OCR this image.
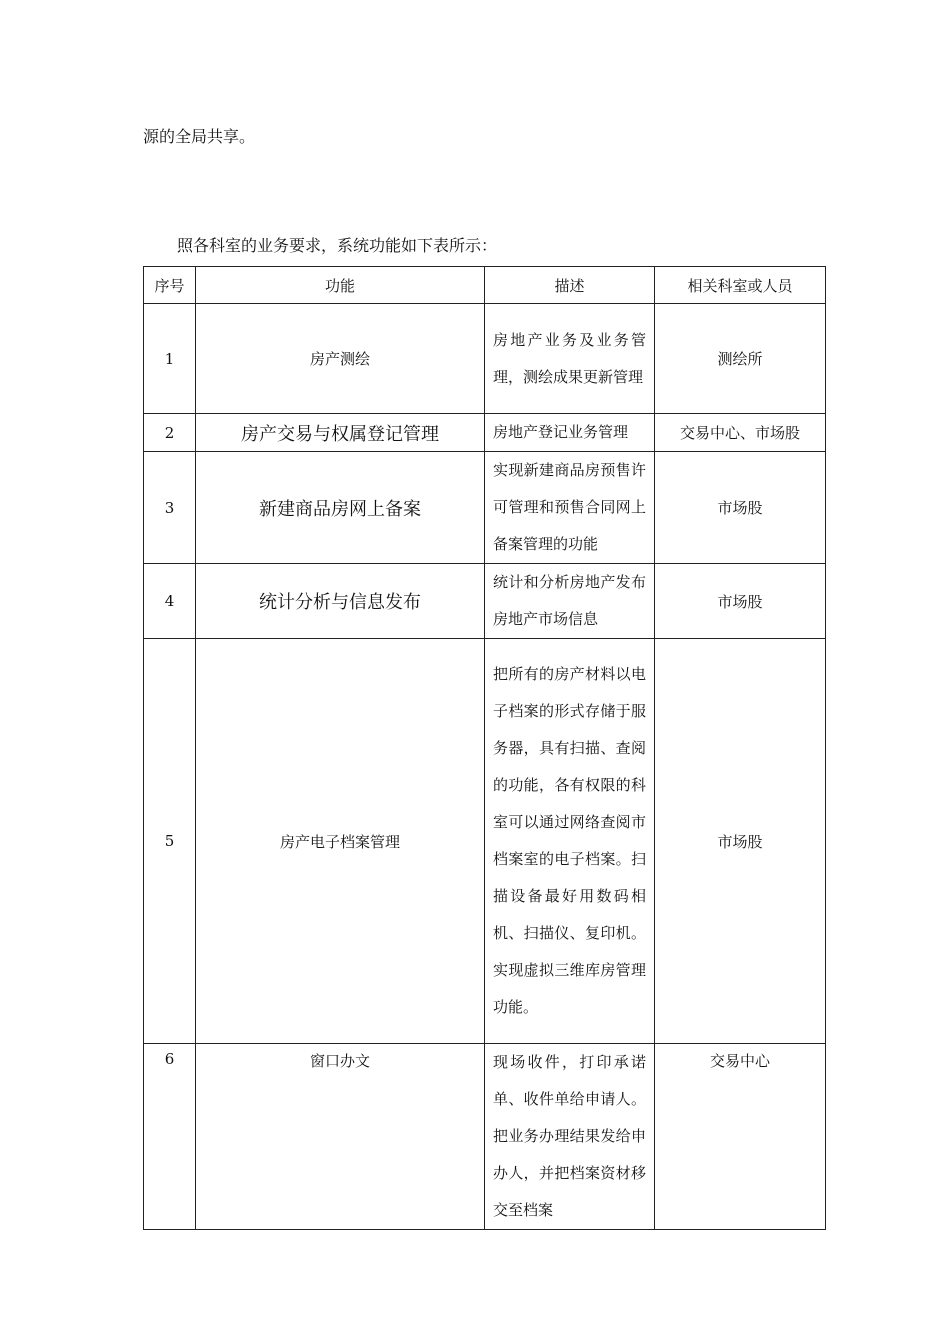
源的全局共享。
照各科室的业务要求，系统功能如下表所示：
序号	功能	描述	相关科室或人员
1	房产测绘	房地产业务及业务管理，测绘成果更新管理	测绘所
2	房产交易与权属登记管理	房地产登记业务管理	交易中心、市场股
3	新建商品房网上备案	实现新建商品房预售许可管理和预售合同网上备案管理的功能	市场股
4	统计分析与信息发布	统计和分析房地产发布房地产市场信息	市场股
5	房产电子档案管理	把所有的房产材料以电子档案的形式存储于服务器，具有扫描、查阅的功能，各有权限的科室可以通过网络查阅市档案室的电子档案。扫描设备最好用数码相机、扫描仪、复印机。实现虚拟三维库房管理功能。	市场股
6	窗口办文	现场收件，打印承诺单、收件单给申请人。把业务办理结果发给申办人，并把档案资材移交至档案	交易中心
